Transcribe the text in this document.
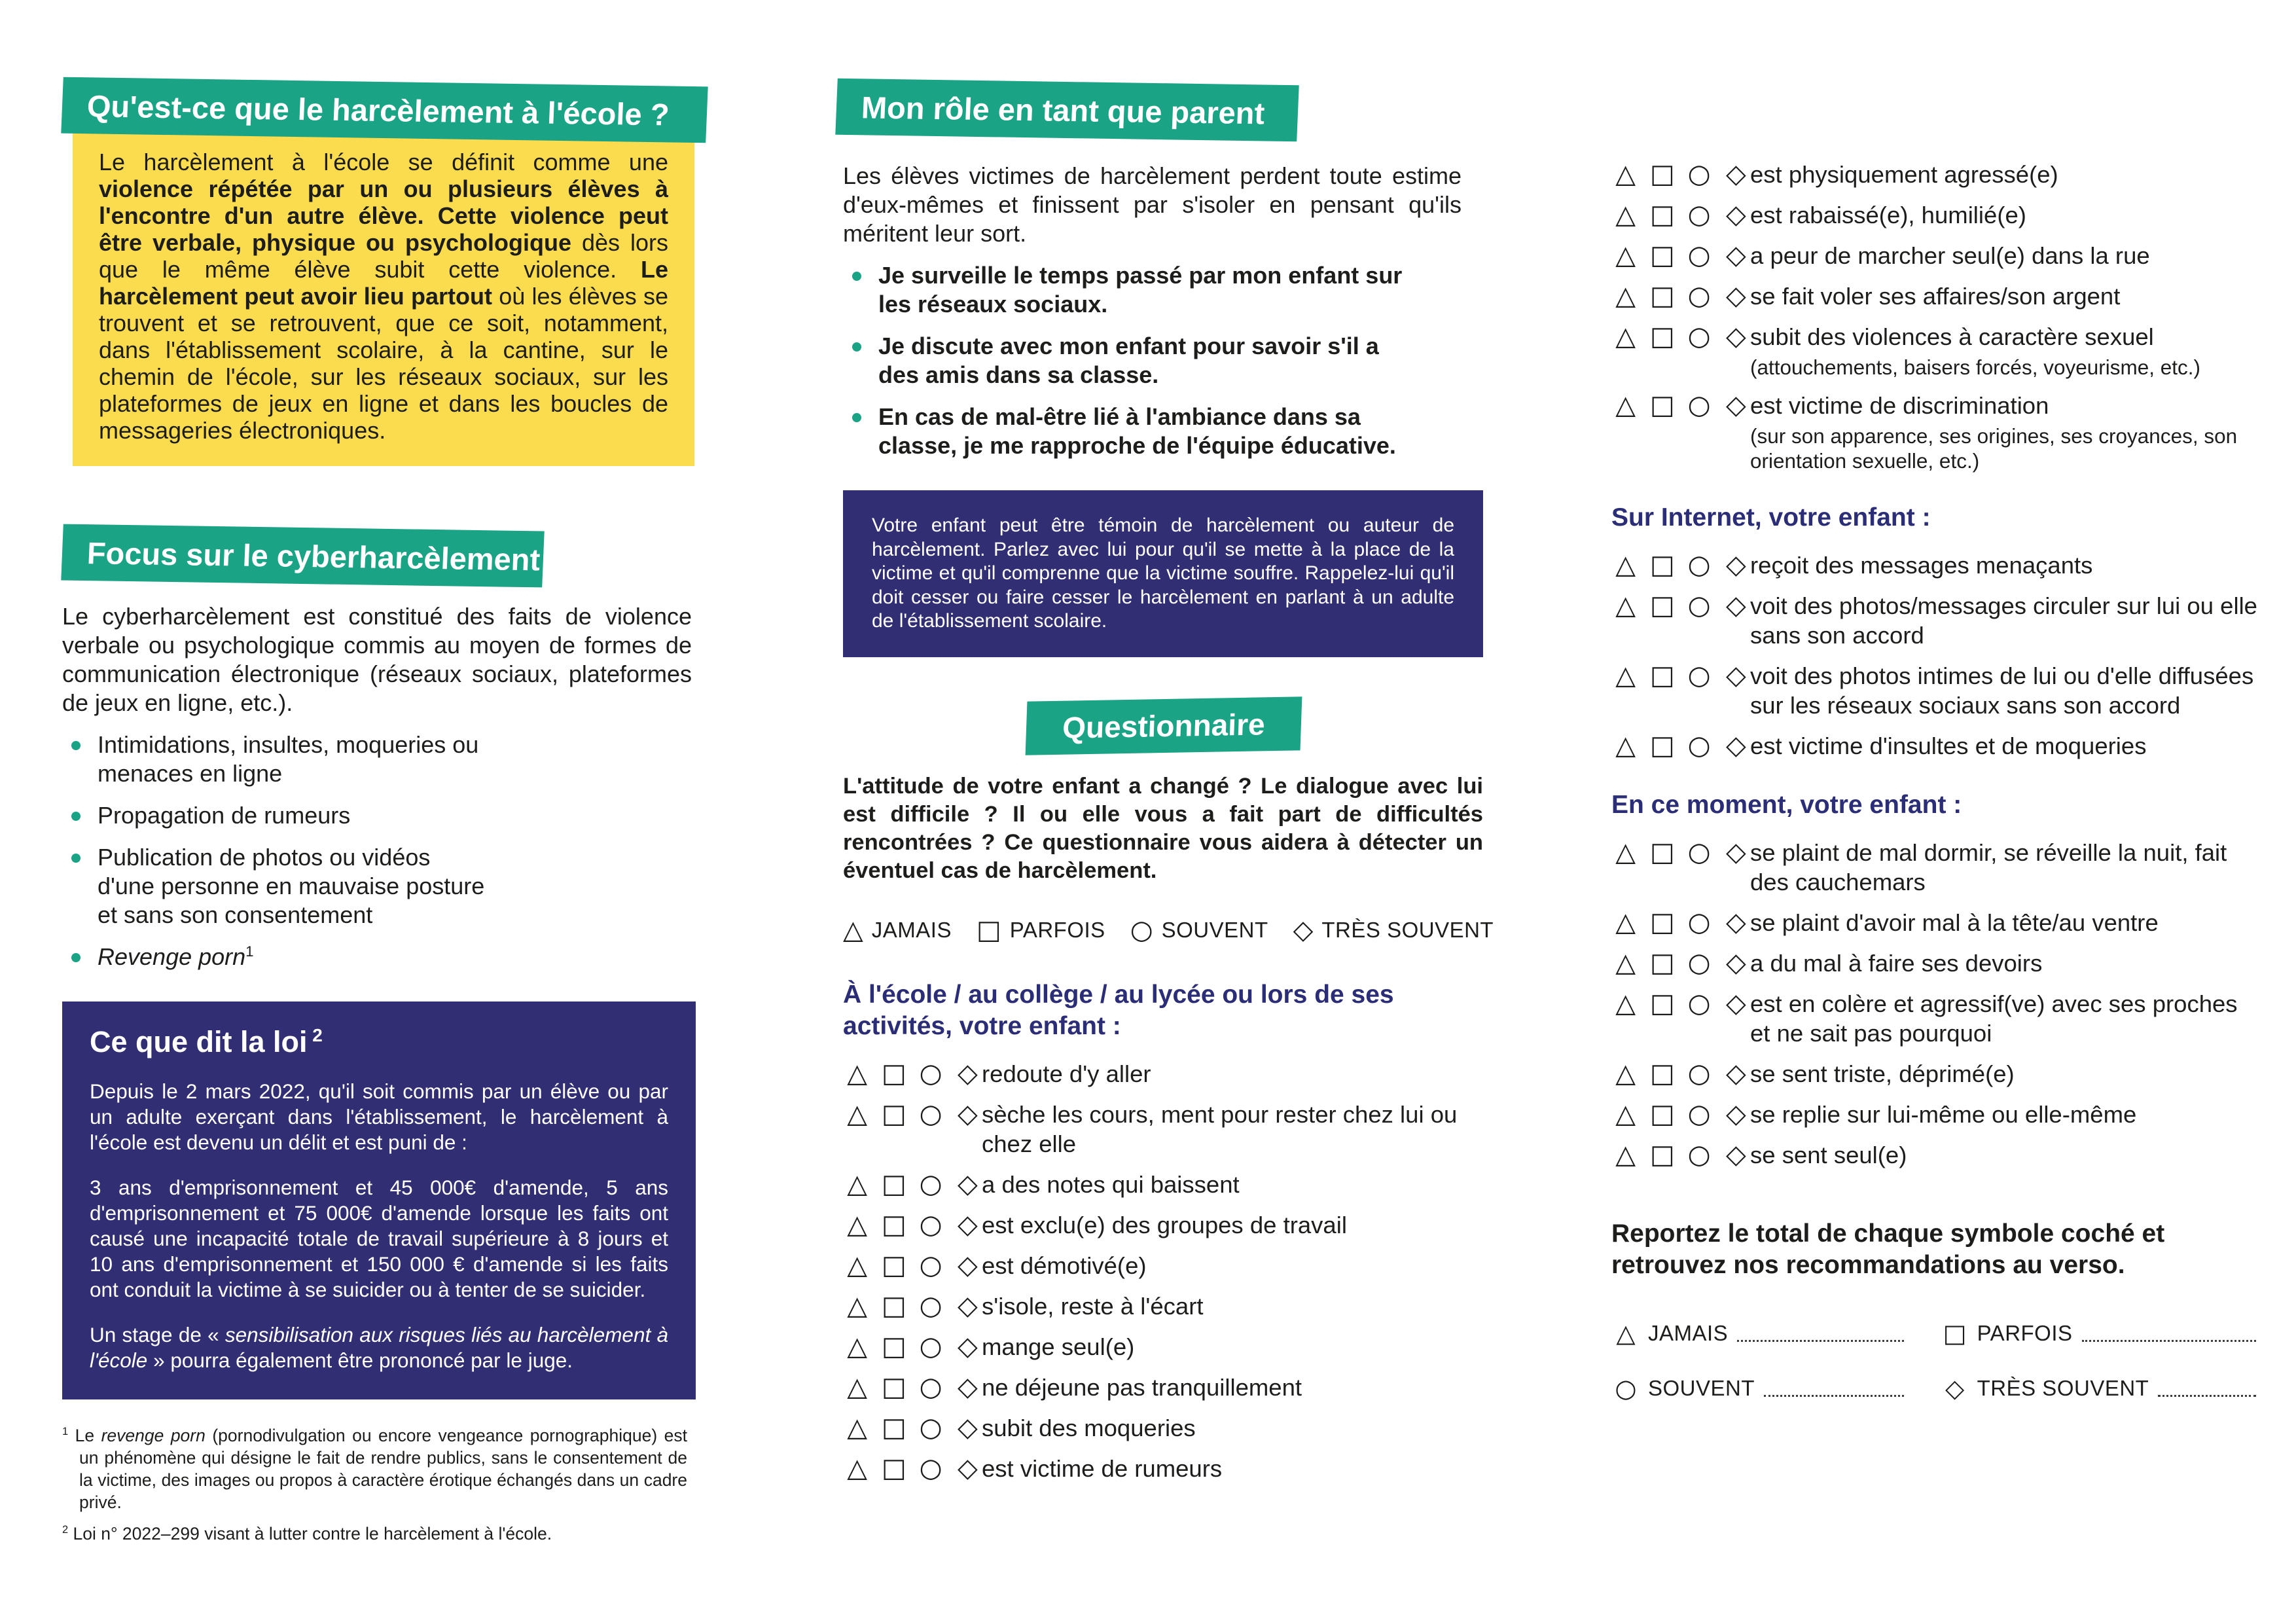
Qu'est-ce que le harcèlement à l'école ?

Le harcèlement à l'école se définit comme une violence répétée par un ou plusieurs élèves à l'encontre d'un autre élève. Cette violence peut être verbale, physique ou psychologique dès lors que le même élève subit cette violence. Le harcèlement peut avoir lieu partout où les élèves se trouvent et se retrouvent, que ce soit, notamment, dans l'établissement scolaire, à la cantine, sur le chemin de l'école, sur les réseaux sociaux, sur les plateformes de jeux en ligne et dans les boucles de messageries électroniques.

Focus sur le cyberharcèlement

Le cyberharcèlement est constitué des faits de violence verbale ou psychologique commis au moyen de formes de communication électronique (réseaux sociaux, plateformes de jeux en ligne, etc.).

Intimidations, insultes, moqueries ou menaces en ligne
Propagation de rumeurs
Publication de photos ou vidéos d'une personne en mauvaise posture et sans son consentement
Revenge porn$^1$
Ce que dit la loi $^2$

Depuis le 2 mars 2022, qu'il soit commis par un élève ou par un adulte exerçant dans l'établissement, le harcèlement à l'école est devenu un délit et est puni de :

3 ans d'emprisonnement et 45 000€ d'amende, 5 ans d'emprisonnement et 75 000€ d'amende lorsque les faits ont causé une incapacité totale de travail supérieure à 8 jours et 10 ans d'emprisonnement et 150 000 € d'amende si les faits ont conduit la victime à se suicider ou à tenter de se suicider.

Un stage de « sensibilisation aux risques liés au harcèlement à l'école » pourra également être prononcé par le juge.

$^1$ Le revenge porn (pornodivulgation ou encore vengeance pornographique) est un phénomène qui désigne le fait de rendre publics, sans le consentement de la victime, des images ou propos à caractère érotique échangés dans un cadre privé.

$^2$ Loi n° 2022–299 visant à lutter contre le harcèlement à l'école.

Mon rôle en tant que parent

Les élèves victimes de harcèlement perdent toute estime d'eux-mêmes et finissent par s'isoler en pensant qu'ils méritent leur sort.

Je surveille le temps passé par mon enfant sur les réseaux sociaux.
Je discute avec mon enfant pour savoir s'il a des amis dans sa classe.
En cas de mal-être lié à l'ambiance dans sa classe, je me rapproche de l'équipe éducative.

Votre enfant peut être témoin de harcèlement ou auteur de harcèlement. Parlez avec lui pour qu'il se mette à la place de la victime et qu'il comprenne que la victime souffre. Rappelez-lui qu'il doit cesser ou faire cesser le harcèlement en parlant à un adulte de l'établissement scolaire.

Questionnaire

L'attitude de votre enfant a changé ? Le dialogue avec lui est difficile ? Il ou elle vous a fait part de difficultés rencontrées ? Ce questionnaire vous aidera à détecter un éventuel cas de harcèlement.

△ JAMAIS □ PARFOIS ○ SOUVENT ◇ TRÈS SOUVENT
À l'école / au collège / au lycée ou lors de ses activités, votre enfant :
△ □ ○ ◇ redoute d'y aller
△ □ ○ ◇ sèche les cours, ment pour rester chez lui ou chez elle
△ □ ○ ◇ a des notes qui baissent
△ □ ○ ◇ est exclu(e) des groupes de travail
△ □ ○ ◇ est démotivé(e)
△ □ ○ ◇ s'isole, reste à l'écart
△ □ ○ ◇ mange seul(e)
△ □ ○ ◇ ne déjeune pas tranquillement
△ □ ○ ◇ subit des moqueries
△ □ ○ ◇ est victime de rumeurs
△ □ ○ ◇ est physiquement agressé(e)
△ □ ○ ◇ est rabaissé(e), humilié(e)
△ □ ○ ◇ a peur de marcher seul(e) dans la rue
△ □ ○ ◇ se fait voler ses affaires/son argent
△ □ ○ ◇ subit des violences à caractère sexuel
(attouchements, baisers forcés, voyeurisme, etc.)
△ □ ○ ◇ est victime de discrimination
(sur son apparence, ses origines, ses croyances, son orientation sexuelle, etc.)
Sur Internet, votre enfant :
△ □ ○ ◇ reçoit des messages menaçants
△ □ ○ ◇ voit des photos/messages circuler sur lui ou elle sans son accord
△ □ ○ ◇ voit des photos intimes de lui ou d'elle diffusées sur les réseaux sociaux sans son accord
△ □ ○ ◇ est victime d'insultes et de moqueries
En ce moment, votre enfant :
△ □ ○ ◇ se plaint de mal dormir, se réveille la nuit, fait des cauchemars
△ □ ○ ◇ se plaint d'avoir mal à la tête/au ventre
△ □ ○ ◇ a du mal à faire ses devoirs
△ □ ○ ◇ est en colère et agressif(ve) avec ses proches et ne sait pas pourquoi
△ □ ○ ◇ se sent triste, déprimé(e)
△ □ ○ ◇ se replie sur lui-même ou elle-même
△ □ ○ ◇ se sent seul(e)

Reportez le total de chaque symbole coché et retrouvez nos recommandations au verso.

△ JAMAIS	□ PARFOIS
○ SOUVENT	◇ TRÈS SOUVENT
